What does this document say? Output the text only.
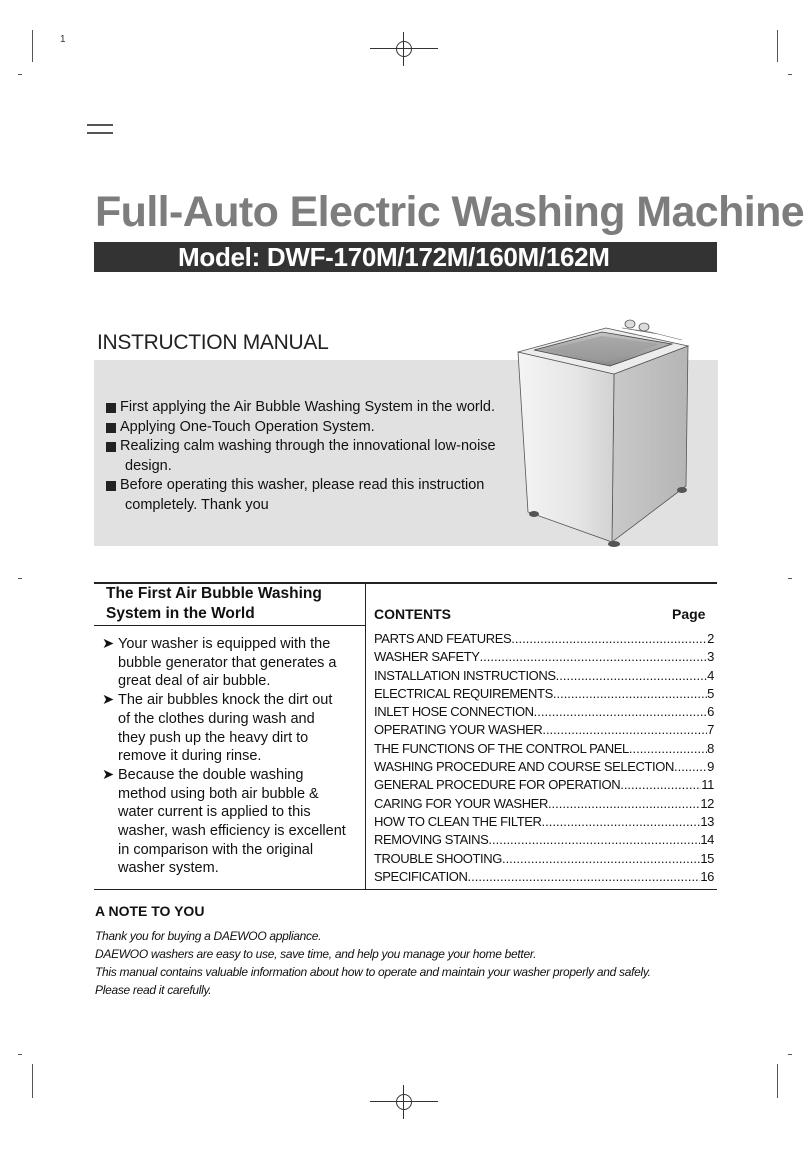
1
Full-Auto Electric Washing Machine
Model: DWF-170M/172M/160M/162M
INSTRUCTION MANUAL
First applying the Air Bubble Washing System in the world.
Applying One-Touch Operation System.
Realizing calm washing through the innovational low-noise
design.
Before operating this washer, please read this instruction
completely. Thank you
The First Air Bubble Washing
System in the World
➤ Your washer is equipped with the
bubble generator that generates a
great deal of air bubble.
➤ The air bubbles knock the dirt out
of the clothes during wash and
they push up the heavy dirt to
remove it during rinse.
➤ Because the double washing
method using both air bubble &
water current is applied to this
washer, wash efficiency is excellent
in comparison with the original
washer system.
CONTENTS	Page
PARTS AND FEATURES .....	2
WASHER SAFETY .....	3
INSTALLATION INSTRUCTIONS .....	4
ELECTRICAL REQUIREMENTS .....	5
INLET HOSE CONNECTION .....	6
OPERATING YOUR WASHER .....	7
THE FUNCTIONS OF THE CONTROL PANEL .....	8
WASHING PROCEDURE AND COURSE SELECTION .....	9
GENERAL PROCEDURE FOR OPERATION .....	11
CARING FOR YOUR WASHER .....	12
HOW TO CLEAN THE FILTER .....	13
REMOVING STAINS .....	14
TROUBLE SHOOTING .....	15
SPECIFICATION .....	16
A NOTE TO YOU
Thank you for buying a DAEWOO appliance.
DAEWOO washers are easy to use, save time, and help you manage your home better.
This manual contains valuable information about how to operate and maintain your washer properly and safely.
Please read it carefully.
